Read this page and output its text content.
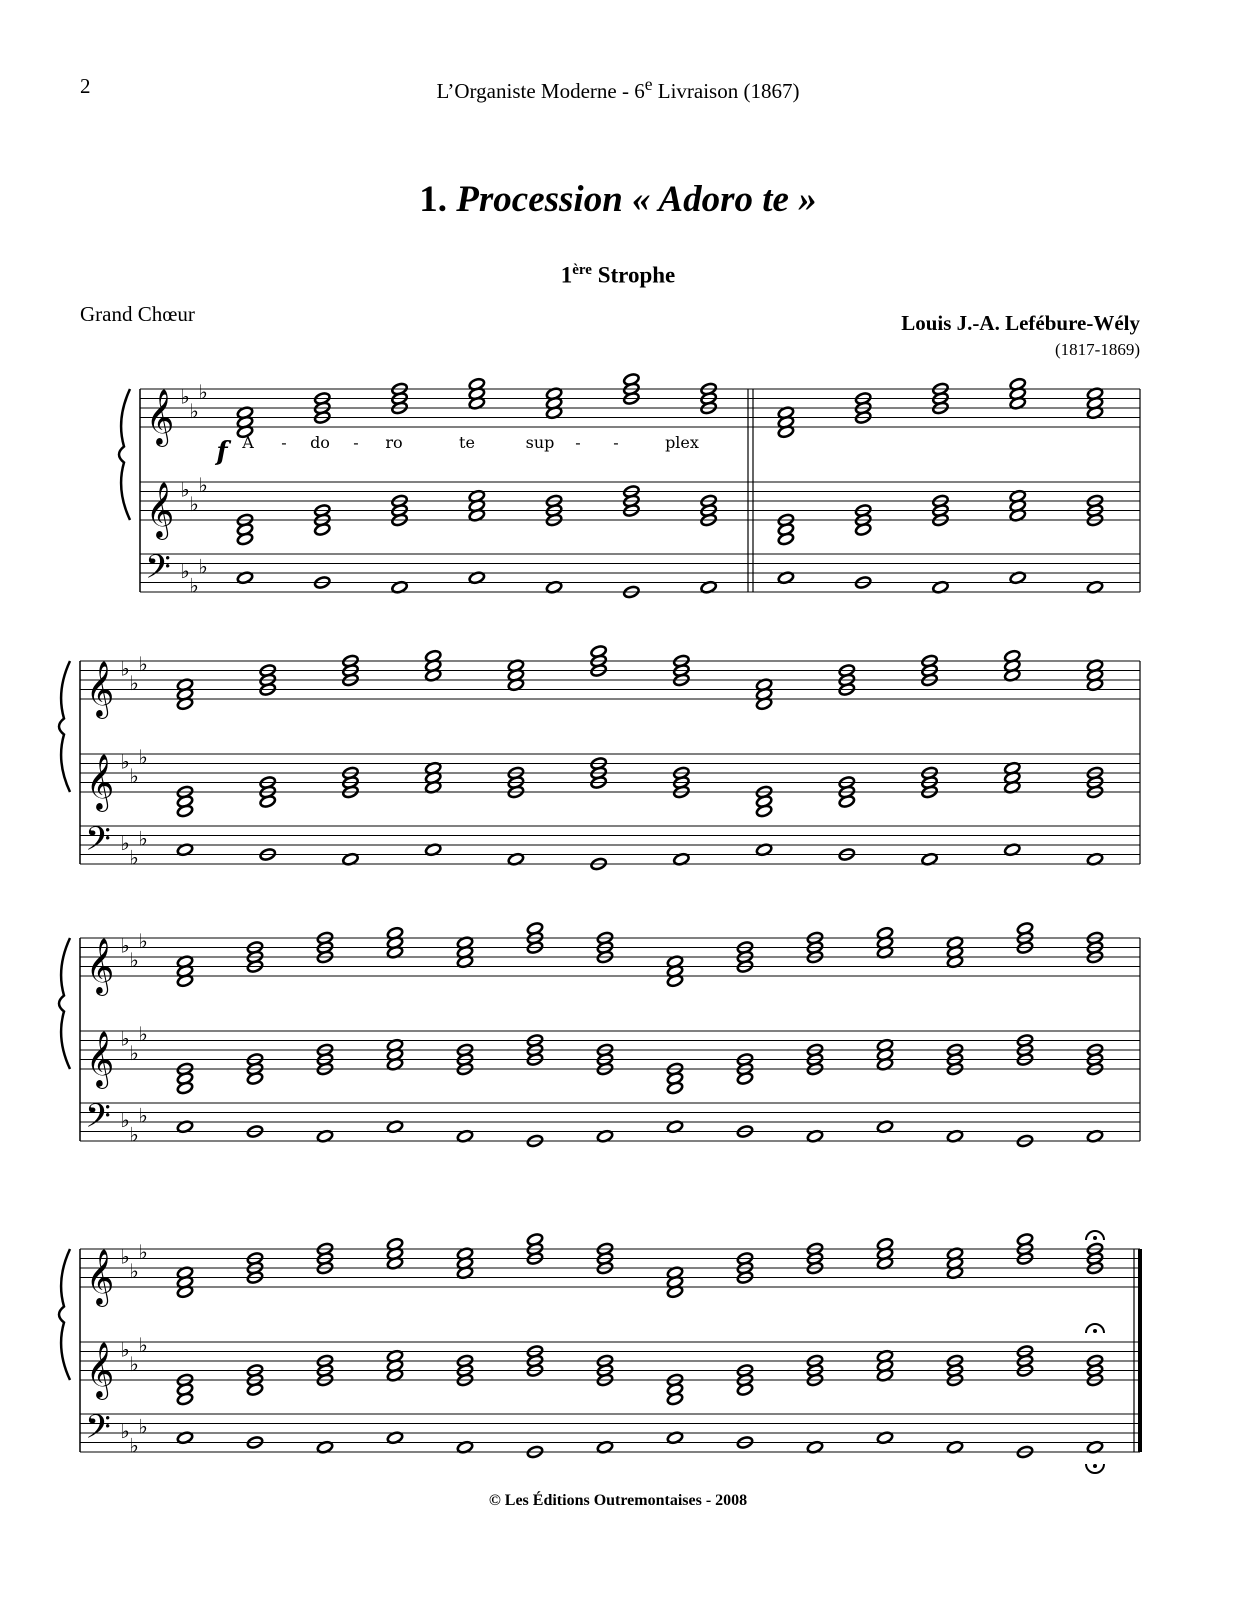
2	L’Organiste Moderne - 6e Livraison (1867)
1. Procession « Adoro te »
1ère Strophe
Grand Chœur	Louis J.-A. Lefébure-Wély
(1817-1869)
𝄞
𝄞
𝄢
♭
♭
♭
♭
♭
♭
♭
♭
♭
𝄞
𝄞
𝄢
♭
♭
♭
♭
♭
♭
♭
♭
♭
𝄞
𝄞
𝄢
♭
♭
♭
♭
♭
♭
♭
♭
♭
𝄞
𝄞
𝄢
♭
♭
♭
♭
♭
♭
♭
♭
♭
f A - do - ro	te	sup - -	plex
© Les Éditions Outremontaises - 2008
